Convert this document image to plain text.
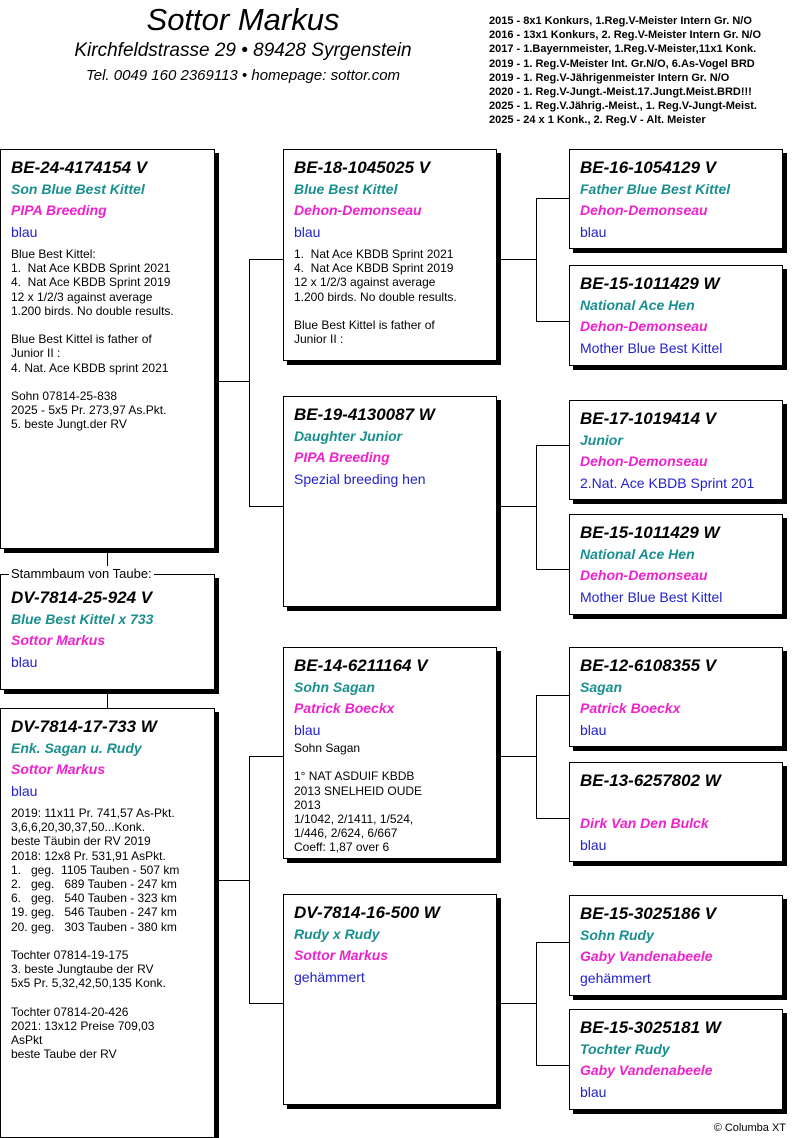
Sottor Markus
Kirchfeldstrasse 29 • 89428 Syrgenstein
Tel. 0049 160 2369113 • homepage: sottor.com
2015 - 8x1 Konkurs, 1.Reg.V-Meister Intern Gr. N/O
2016 - 13x1 Konkurs, 2. Reg.V-Meister Intern Gr. N/O
2017 - 1.Bayernmeister, 1.Reg.V-Meister,11x1 Konk.
2019 - 1. Reg.V-Meister Int. Gr.N/O, 6.As-Vogel BRD
2019 - 1. Reg.V-Jährigenmeister Intern Gr. N/O
2020 - 1. Reg.V-Jungt.-Meist.17.Jungt.Meist.BRD!!!
2025 - 1. Reg.V.Jährig.-Meist., 1. Reg.V-Jungt-Meist.
2025 - 24 x 1 Konk., 2. Reg.V - Alt. Meister
BE-24-4174154 V
Son Blue Best Kittel
PIPA Breeding
blau
Blue Best Kittel:
1.  Nat Ace KBDB Sprint 2021
4.  Nat Ace KBDB Sprint 2019
12 x 1/2/3 against average
1.200 birds. No double results.

Blue Best Kittel is father of
Junior II :
4. Nat. Ace KBDB sprint 2021

Sohn 07814-25-838
2025 - 5x5 Pr. 273,97 As.Pkt.
5. beste Jungt.der RV
DV-7814-25-924 V
Blue Best Kittel x 733
Sottor Markus
blau
Stammbaum von Taube:
DV-7814-17-733 W
Enk. Sagan u. Rudy
Sottor Markus
blau
2019: 11x11 Pr. 741,57 As-Pkt.
3,6,6,20,30,37,50...Konk.
beste Täubin der RV 2019
2018: 12x8 Pr. 531,91 AsPkt.
1.   geg.  1105 Tauben - 507 km
2.   geg.   689 Tauben - 247 km
6.   geg.   540 Tauben - 323 km
19. geg.   546 Tauben - 247 km
20. geg.   303 Tauben - 380 km

Tochter 07814-19-175
3. beste Jungtaube der RV
5x5 Pr. 5,32,42,50,135 Konk.

Tochter 07814-20-426
2021: 13x12 Preise 709,03
AsPkt
beste Taube der RV
BE-18-1045025 V
Blue Best Kittel
Dehon-Demonseau
blau
1.  Nat Ace KBDB Sprint 2021
4.  Nat Ace KBDB Sprint 2019
12 x 1/2/3 against average
1.200 birds. No double results.

Blue Best Kittel is father of
Junior II :
BE-19-4130087 W
Daughter Junior
PIPA Breeding
Spezial breeding hen
BE-14-6211164 V
Sohn Sagan
Patrick Boeckx
blau
Sohn Sagan

1° NAT ASDUIF KBDB
2013 SNELHEID OUDE
2013
1/1042, 2/1411, 1/524,
1/446, 2/624, 6/667
Coeff: 1,87 over 6
DV-7814-16-500 W
Rudy x Rudy
Sottor Markus
gehämmert
BE-16-1054129 V
Father Blue Best Kittel
Dehon-Demonseau
blau
BE-15-1011429 W
National Ace Hen
Dehon-Demonseau
Mother Blue Best Kittel
BE-17-1019414 V
Junior
Dehon-Demonseau
2.Nat. Ace KBDB Sprint 201
BE-15-1011429 W
National Ace Hen
Dehon-Demonseau
Mother Blue Best Kittel
BE-12-6108355 V
Sagan
Patrick Boeckx
blau
BE-13-6257802 W
Dirk Van Den Bulck
blau
BE-15-3025186 V
Sohn Rudy
Gaby Vandenabeele
gehämmert
BE-15-3025181 W
Tochter Rudy
Gaby Vandenabeele
blau
© Columba XT
